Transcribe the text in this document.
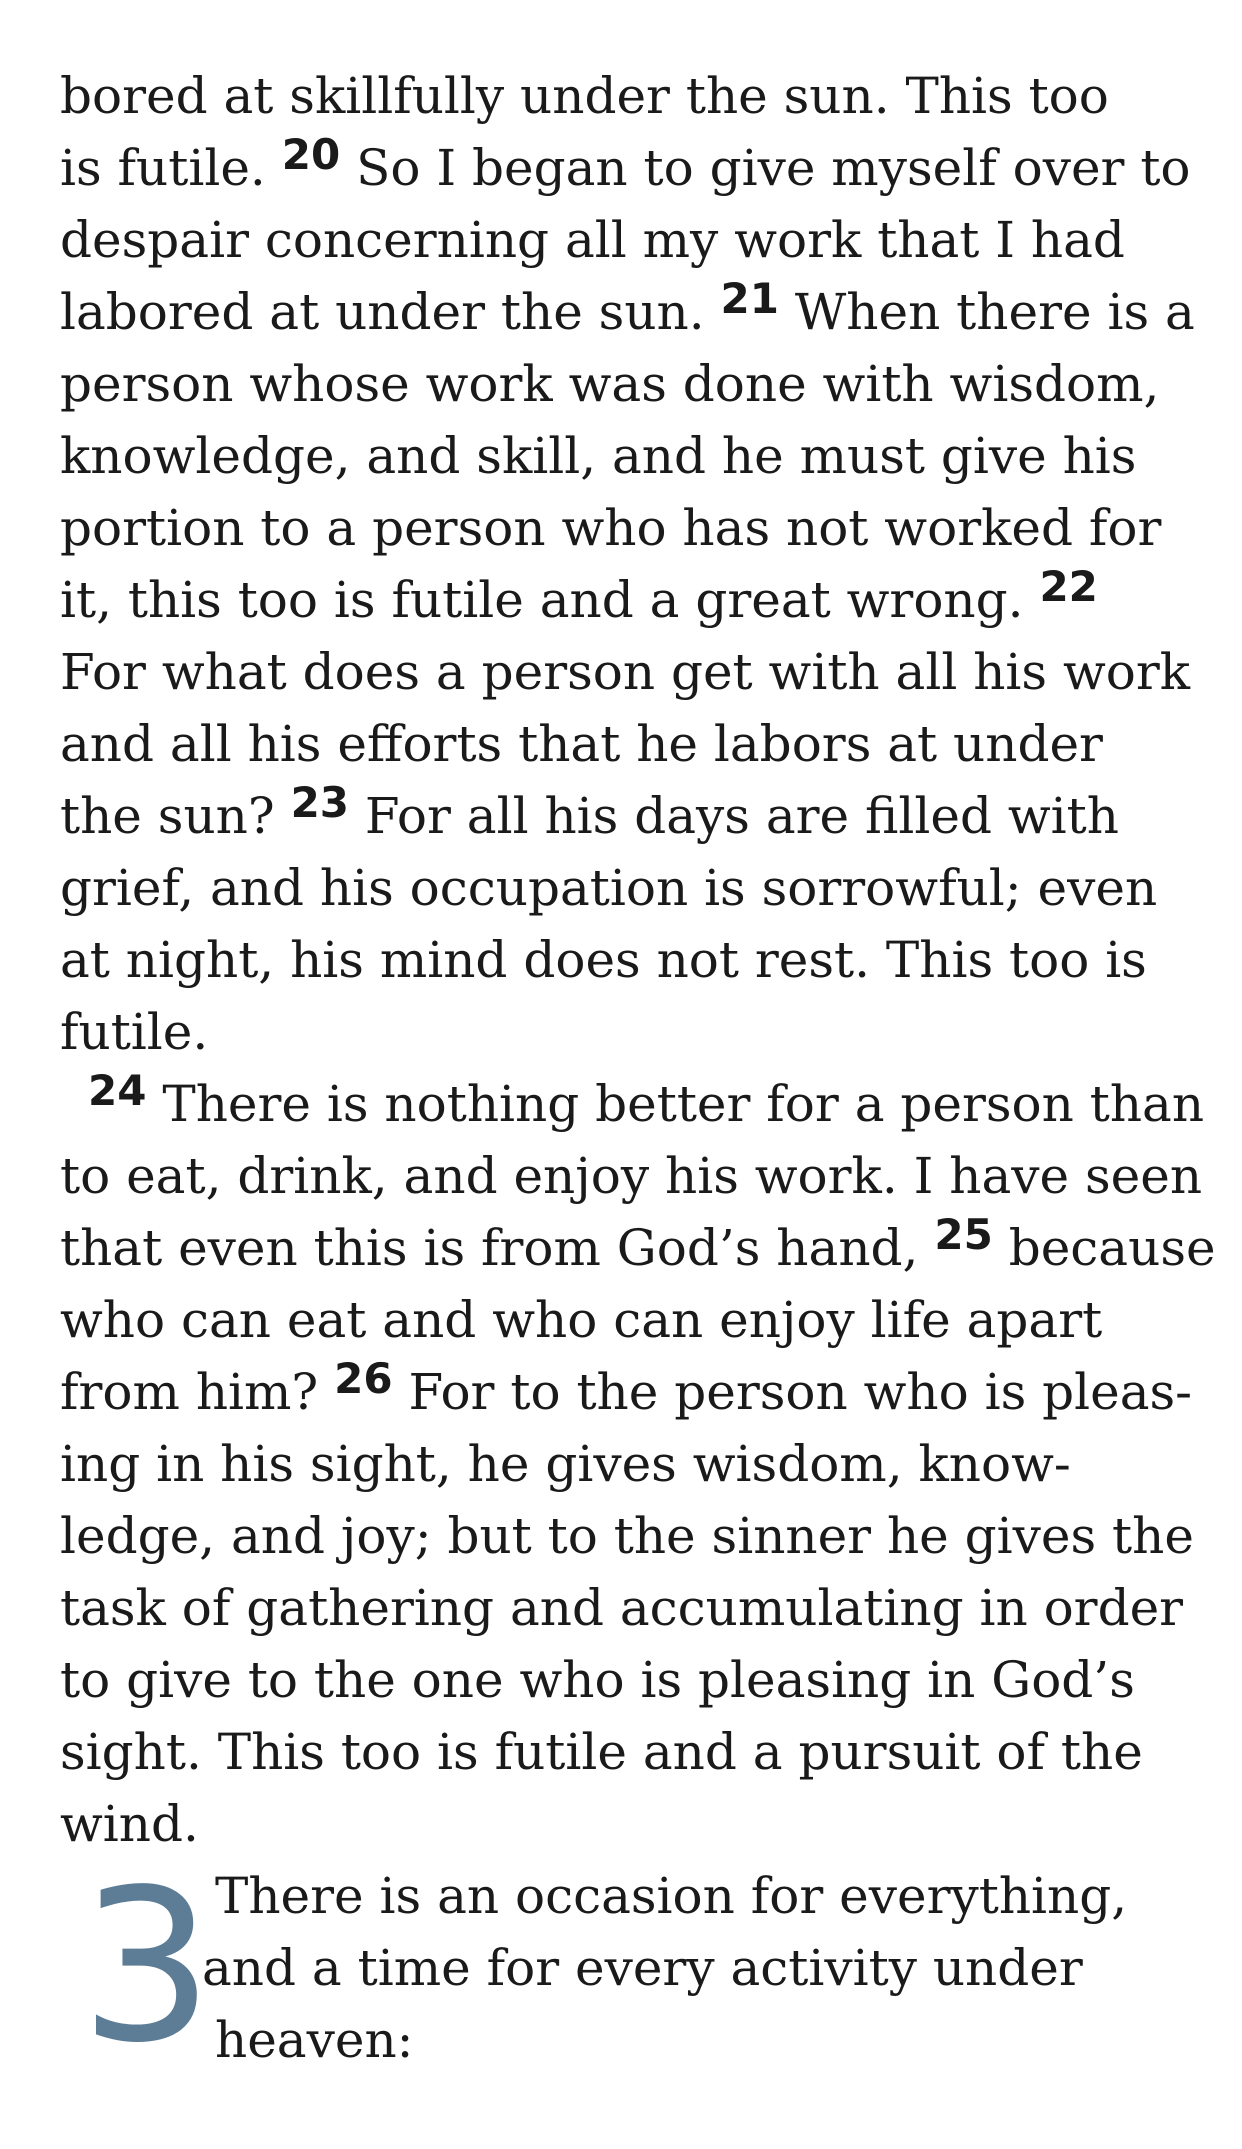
bored at skillfully under the sun. This too
is futile. $^{20}$ So I began to give myself over to
despair concerning all my work that I had
labored at under the sun. $^{21}$ When there is a
person whose work was done with wisdom,
knowledge, and skill, and he must give his
portion to a person who has not worked for
it, this too is futile and a great wrong. $^{22}$
For what does a person get with all his work
and all his efforts that he labors at under
the sun? $^{23}$ For all his days are filled with
grief, and his occupation is sorrowful; even
at night, his mind does not rest. This too is
futile.
$^{24}$ There is nothing better for a person than
to eat, drink, and enjoy his work. I have seen
that even this is from God’s hand, $^{25}$ because
who can eat and who can enjoy life apart
from him? $^{26}$ For to the person who is pleas-
ing in his sight, he gives wisdom, know-
ledge, and joy; but to the sinner he gives the
task of gathering and accumulating in order
to give to the one who is pleasing in God’s
sight. This too is futile and a pursuit of the
wind.
3 There is an occasion for everything,
and a time for every activity under
heaven:
